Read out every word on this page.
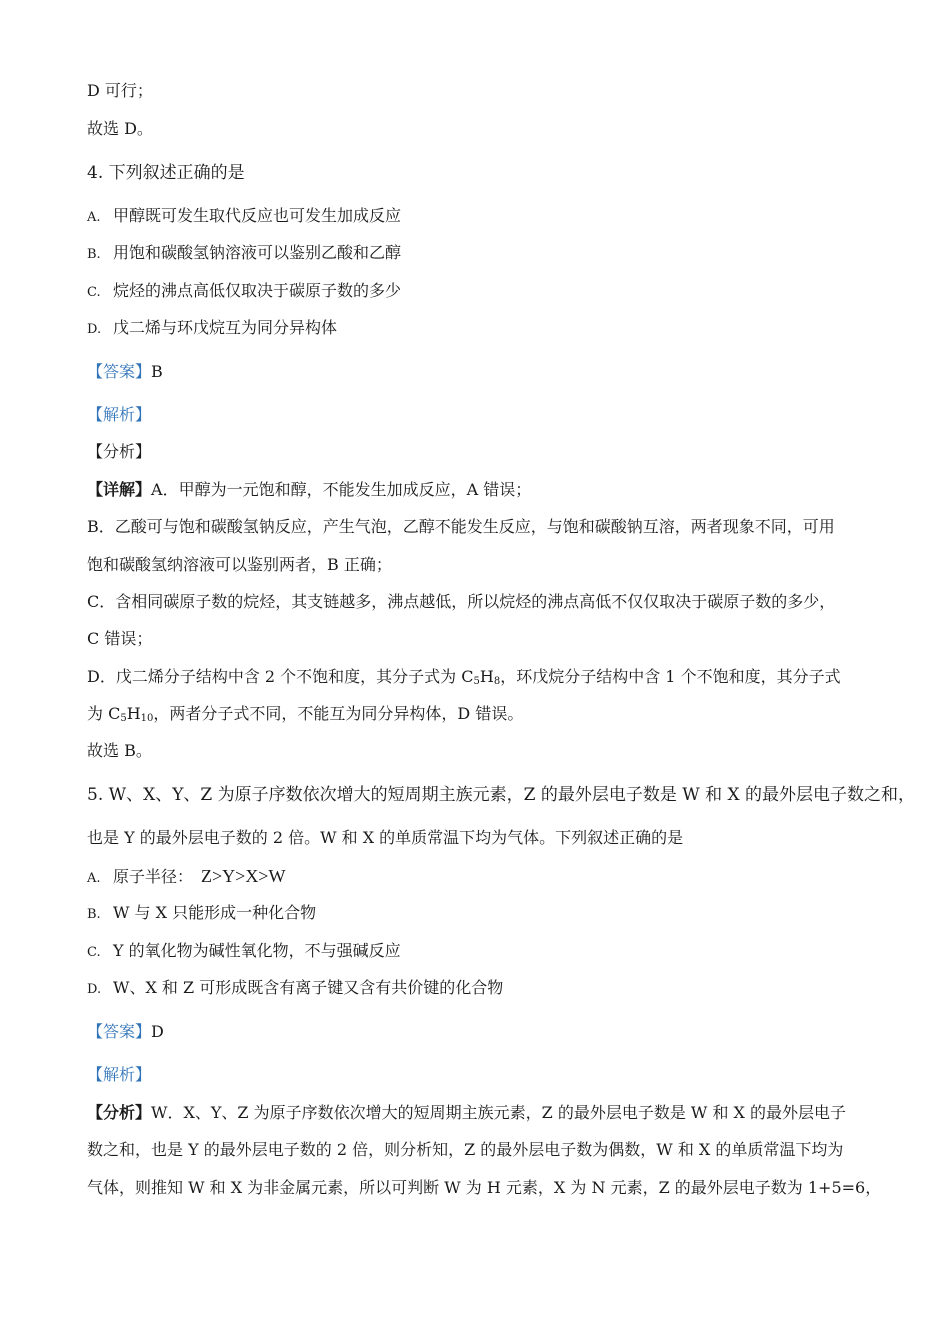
D 可行；
故选 D。
4. 下列叙述正确的是
A. 甲醇既可发生取代反应也可发生加成反应
B. 用饱和碳酸氢钠溶液可以鉴别乙酸和乙醇
C. 烷烃的沸点高低仅取决于碳原子数的多少
D. 戊二烯与环戊烷互为同分异构体
【答案】B
【解析】
【分析】
【详解】A．甲醇为一元饱和醇，不能发生加成反应，A 错误；
B．乙酸可与饱和碳酸氢钠反应，产生气泡，乙醇不能发生反应，与饱和碳酸钠互溶，两者现象不同，可用
饱和碳酸氢纳溶液可以鉴别两者，B 正确；
C．含相同碳原子数的烷烃，其支链越多，沸点越低，所以烷烃的沸点高低不仅仅取决于碳原子数的多少，
C 错误；
D．戊二烯分子结构中含 2 个不饱和度，其分子式为 $C_5H_8$，环戊烷分子结构中含 1 个不饱和度，其分子式
为 $C_5H_{10}$，两者分子式不同，不能互为同分异构体，D 错误。
故选 B。
5. W、X、Y、Z 为原子序数依次增大的短周期主族元素，Z 的最外层电子数是 W 和 X 的最外层电子数之和，
也是 Y 的最外层电子数的 2 倍。W 和 X 的单质常温下均为气体。下列叙述正确的是
A. 原子半径： Z>Y>X>W
B. W 与 X 只能形成一种化合物
C. Y 的氧化物为碱性氧化物，不与强碱反应
D. W、X 和 Z 可形成既含有离子键又含有共价键的化合物
【答案】D
【解析】
【分析】W．X、Y、Z 为原子序数依次增大的短周期主族元素，Z 的最外层电子数是 W 和 X 的最外层电子
数之和，也是 Y 的最外层电子数的 2 倍，则分析知，Z 的最外层电子数为偶数，W 和 X 的单质常温下均为
气体，则推知 W 和 X 为非金属元素，所以可判断 W 为 H 元素，X 为 N 元素，Z 的最外层电子数为 1+5=6，
